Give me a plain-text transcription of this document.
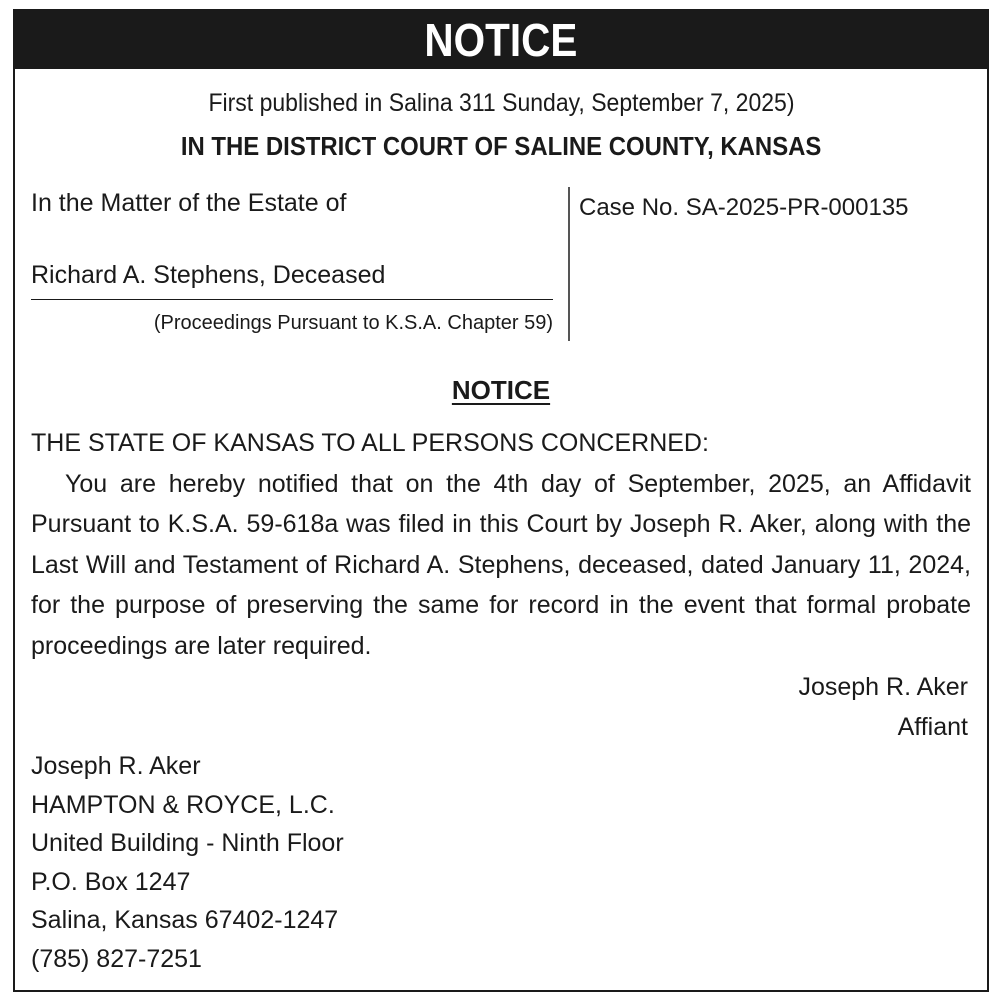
NOTICE
First published in Salina 311 Sunday, September 7, 2025)
IN THE DISTRICT COURT OF SALINE COUNTY, KANSAS
In the Matter of the Estate of
Richard A. Stephens, Deceased
(Proceedings Pursuant to K.S.A. Chapter 59)
Case No. SA-2025-PR-000135
NOTICE

THE STATE OF KANSAS TO ALL PERSONS CONCERNED:

You are hereby notified that on the 4th day of September, 2025, an Affidavit Pursuant to K.S.A. 59-618a was filed in this Court by Joseph R. Aker, along with the Last Will and Testament of Richard A. Stephens, deceased, dated January 11, 2024, for the purpose of preserving the same for record in the event that formal probate proceedings are later required.

Joseph R. Aker
Affiant
Joseph R. Aker
HAMPTON & ROYCE, L.C.
United Building - Ninth Floor
P.O. Box 1247
Salina, Kansas 67402-1247
(785) 827-7251
